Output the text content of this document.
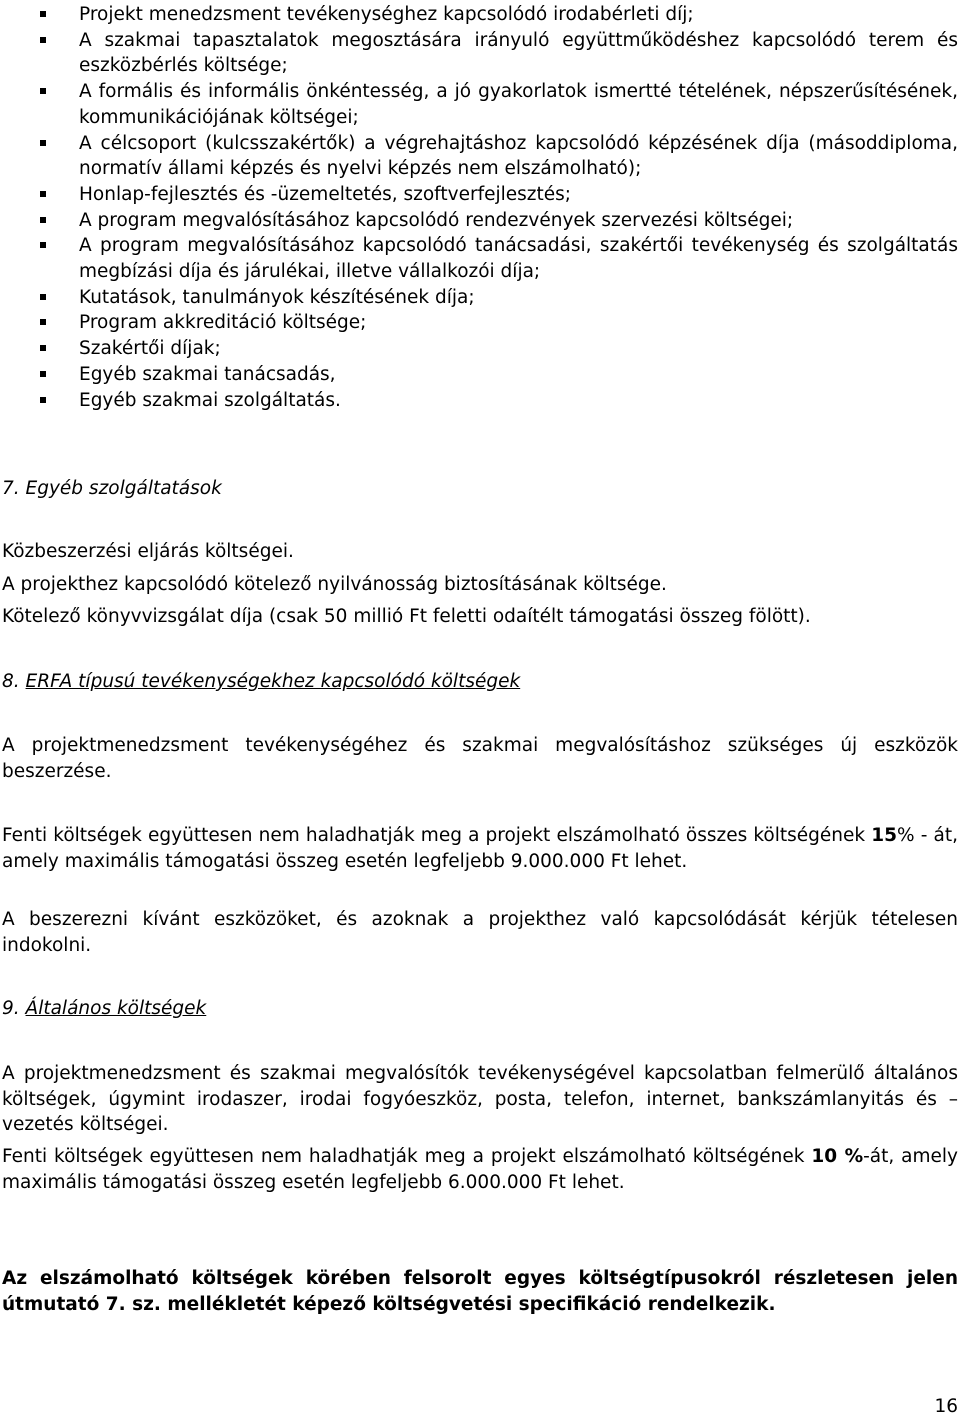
Projekt menedzsment tevékenységhez kapcsolódó irodabérleti díj;
A szakmai tapasztalatok megosztására irányuló együttműködéshez kapcsolódó terem és eszközbérlés költsége;
A formális és informális önkéntesség, a jó gyakorlatok ismertté tételének, népszerűsítésének, kommunikációjának költségei;
A célcsoport (kulcsszakértők) a végrehajtáshoz kapcsolódó képzésének díja (másoddiploma, normatív állami képzés és nyelvi képzés nem elszámolható);
Honlap-fejlesztés és -üzemeltetés, szoftverfejlesztés;
A program megvalósításához kapcsolódó rendezvények szervezési költségei;
A program megvalósításához kapcsolódó tanácsadási, szakértői tevékenység és szolgáltatás megbízási díja és járulékai, illetve vállalkozói díja;
Kutatások, tanulmányok készítésének díja;
Program akkreditáció költsége;
Szakértői díjak;
Egyéb szakmai tanácsadás,
Egyéb szakmai szolgáltatás.
7. Egyéb szolgáltatások
Közbeszerzési eljárás költségei.
A projekthez kapcsolódó kötelező nyilvánosság biztosításának költsége.
Kötelező könyvvizsgálat díja (csak 50 millió Ft feletti odaítélt támogatási összeg fölött).
8. ERFA típusú tevékenységekhez kapcsolódó költségek
A projektmenedzsment tevékenységéhez és szakmai megvalósításhoz szükséges új eszközök beszerzése.
Fenti költségek együttesen nem haladhatják meg a projekt elszámolható összes költségének 15% - át, amely maximális támogatási összeg esetén legfeljebb 9.000.000 Ft lehet.
A beszerezni kívánt eszközöket, és azoknak a projekthez való kapcsolódását kérjük tételesen indokolni.
9. Általános költségek
A projektmenedzsment és szakmai megvalósítók tevékenységével kapcsolatban felmerülő általános költségek, úgymint irodaszer, irodai fogyóeszköz, posta, telefon, internet, bankszámlanyitás és –vezetés költségei.
Fenti költségek együttesen nem haladhatják meg a projekt elszámolható költségének 10 %-át, amely maximális támogatási összeg esetén legfeljebb 6.000.000 Ft lehet.
Az elszámolható költségek körében felsorolt egyes költségtípusokról részletesen jelen útmutató 7. sz. mellékletét képező költségvetési specifikáció rendelkezik.
16
